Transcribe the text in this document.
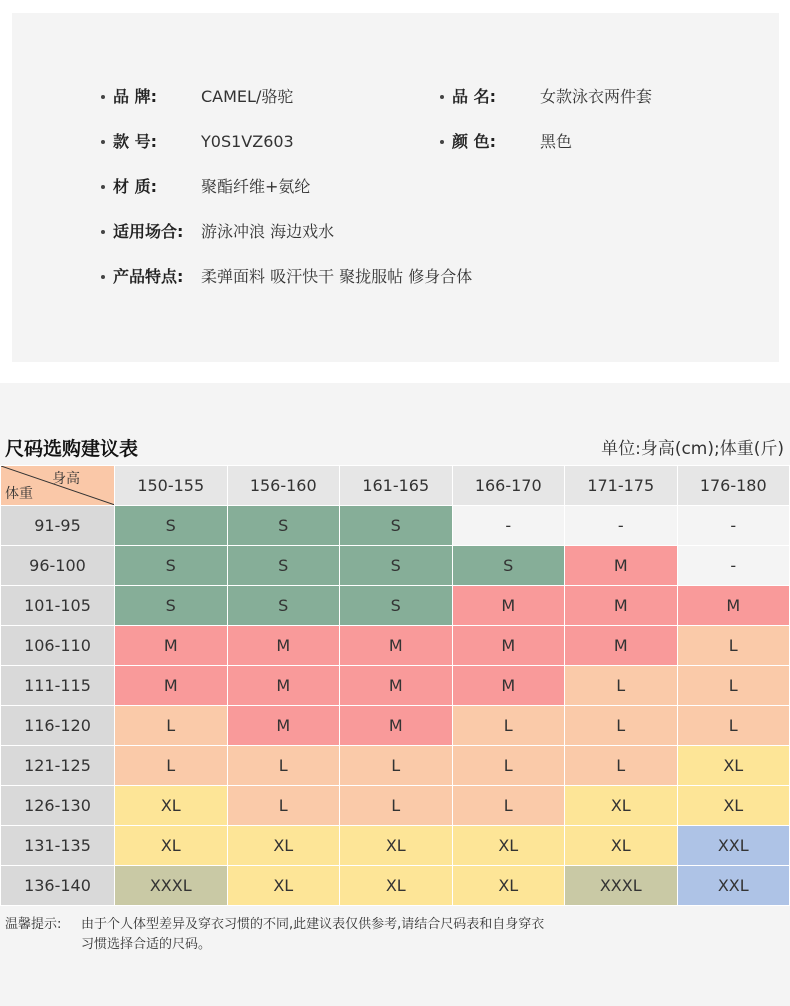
品 牌:	CAMEL/骆驼	品 名:	女款泳衣两件套
款 号:	Y0S1VZ603	颜 色:	黑色
材 质:	聚酯纤维+氨纶
适用场合:	游泳冲浪 海边戏水
产品特点:	柔弹面料 吸汗快干 聚拢服帖 修身合体
尺码选购建议表	单位:身高(cm);体重(斤)
身高
体重	150-155	156-160	161-165	166-170	171-175	176-180
91-95	S	S	S	-	-	-
96-100	S	S	S	S	M	-
101-105	S	S	S	M	M	M
106-110	M	M	M	M	M	L
111-115	M	M	M	M	L	L
116-120	L	M	M	L	L	L
121-125	L	L	L	L	L	XL
126-130	XL	L	L	L	XL	XL
131-135	XL	XL	XL	XL	XL	XXL
136-140	XXXL	XL	XL	XL	XXXL	XXL
温馨提示: 由于个人体型差异及穿衣习惯的不同,此建议表仅供参考,请结合尺码表和自身穿衣
习惯选择合适的尺码。
